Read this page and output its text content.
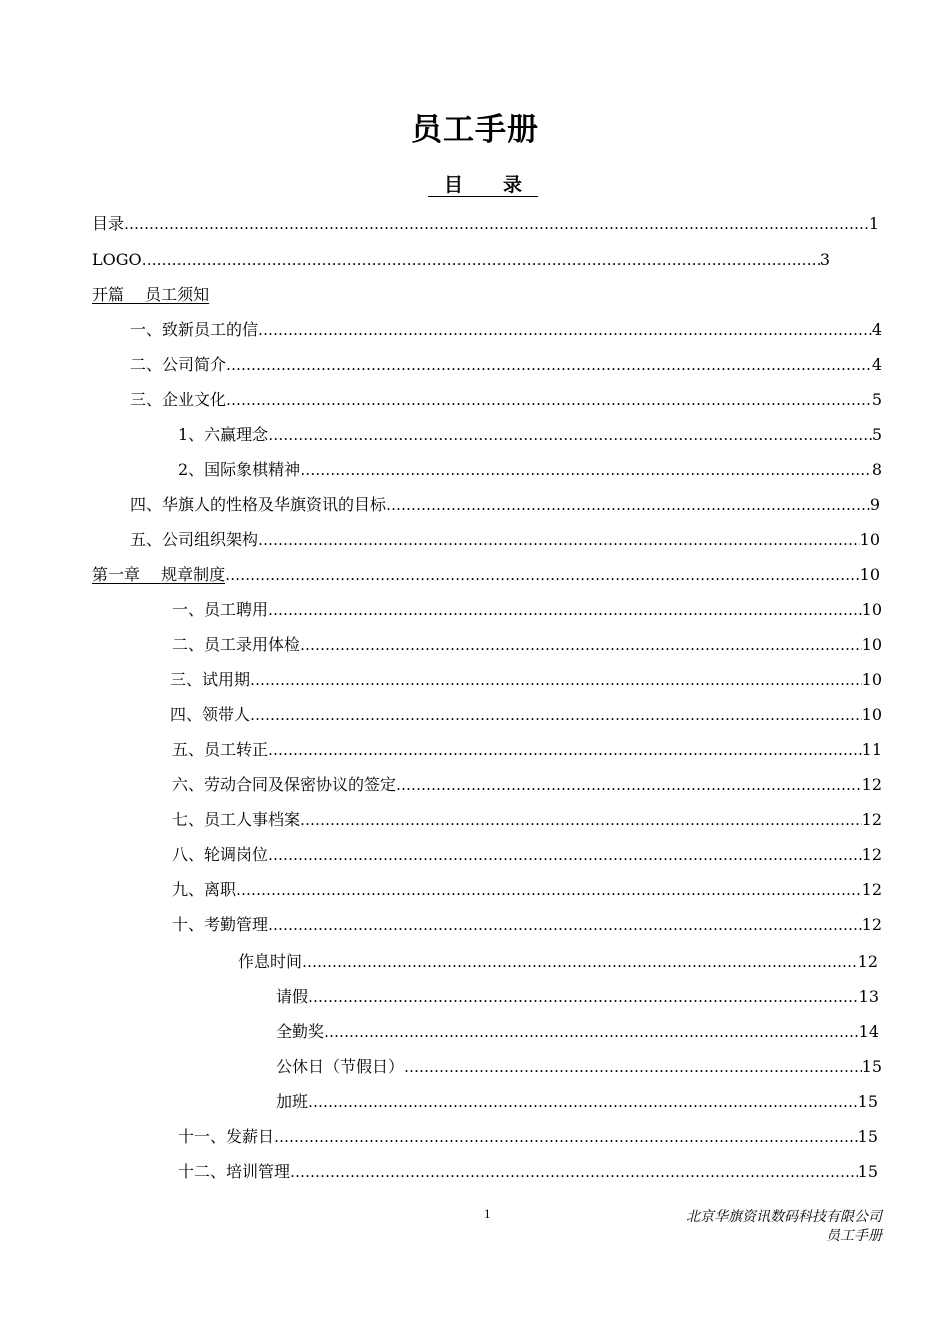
员工手册
目 录
目录 ……………………………………………………………………………………………………………………………………………………………………………………………………………………	1
LOGO ……………………………………………………………………………………………………………………………………………………………………………………………………………………	3
开篇　 员工须知
一、致新员工的信 ……………………………………………………………………………………………………………………………………………………………………………………………………………………	4
二、公司简介 ……………………………………………………………………………………………………………………………………………………………………………………………………………………	4
三、企业文化 ……………………………………………………………………………………………………………………………………………………………………………………………………………………	5
1、六赢理念 ……………………………………………………………………………………………………………………………………………………………………………………………………………………	5
2、国际象棋精神 ……………………………………………………………………………………………………………………………………………………………………………………………………………………	8
四、华旗人的性格及华旗资讯的目标 ……………………………………………………………………………………………………………………………………………………………………………………………………………………	9
五、公司组织架构 ……………………………………………………………………………………………………………………………………………………………………………………………………………………	10
第一章　 规章制度 ……………………………………………………………………………………………………………………………………………………………………………………………………………………	10
一、员工聘用 ……………………………………………………………………………………………………………………………………………………………………………………………………………………	10
二、员工录用体检 ……………………………………………………………………………………………………………………………………………………………………………………………………………………	10
三、试用期 ……………………………………………………………………………………………………………………………………………………………………………………………………………………	10
四、领带人 ……………………………………………………………………………………………………………………………………………………………………………………………………………………	10
五、员工转正 ……………………………………………………………………………………………………………………………………………………………………………………………………………………	11
六、劳动合同及保密协议的签定 ……………………………………………………………………………………………………………………………………………………………………………………………………………………	12
七、员工人事档案 ……………………………………………………………………………………………………………………………………………………………………………………………………………………	12
八、轮调岗位 ……………………………………………………………………………………………………………………………………………………………………………………………………………………	12
九、离职 ……………………………………………………………………………………………………………………………………………………………………………………………………………………	12
十、考勤管理 ……………………………………………………………………………………………………………………………………………………………………………………………………………………	12
作息时间 ……………………………………………………………………………………………………………………………………………………………………………………………………………………	12
请假 ……………………………………………………………………………………………………………………………………………………………………………………………………………………	13
全勤奖 ……………………………………………………………………………………………………………………………………………………………………………………………………………………	14
公休日（节假日） ……………………………………………………………………………………………………………………………………………………………………………………………………………………	15
加班 ……………………………………………………………………………………………………………………………………………………………………………………………………………………	15
十一、发薪日 ……………………………………………………………………………………………………………………………………………………………………………………………………………………	15
十二、培训管理 ……………………………………………………………………………………………………………………………………………………………………………………………………………………	15
1	北京华旗资讯数码科技有限公司
员工手册
